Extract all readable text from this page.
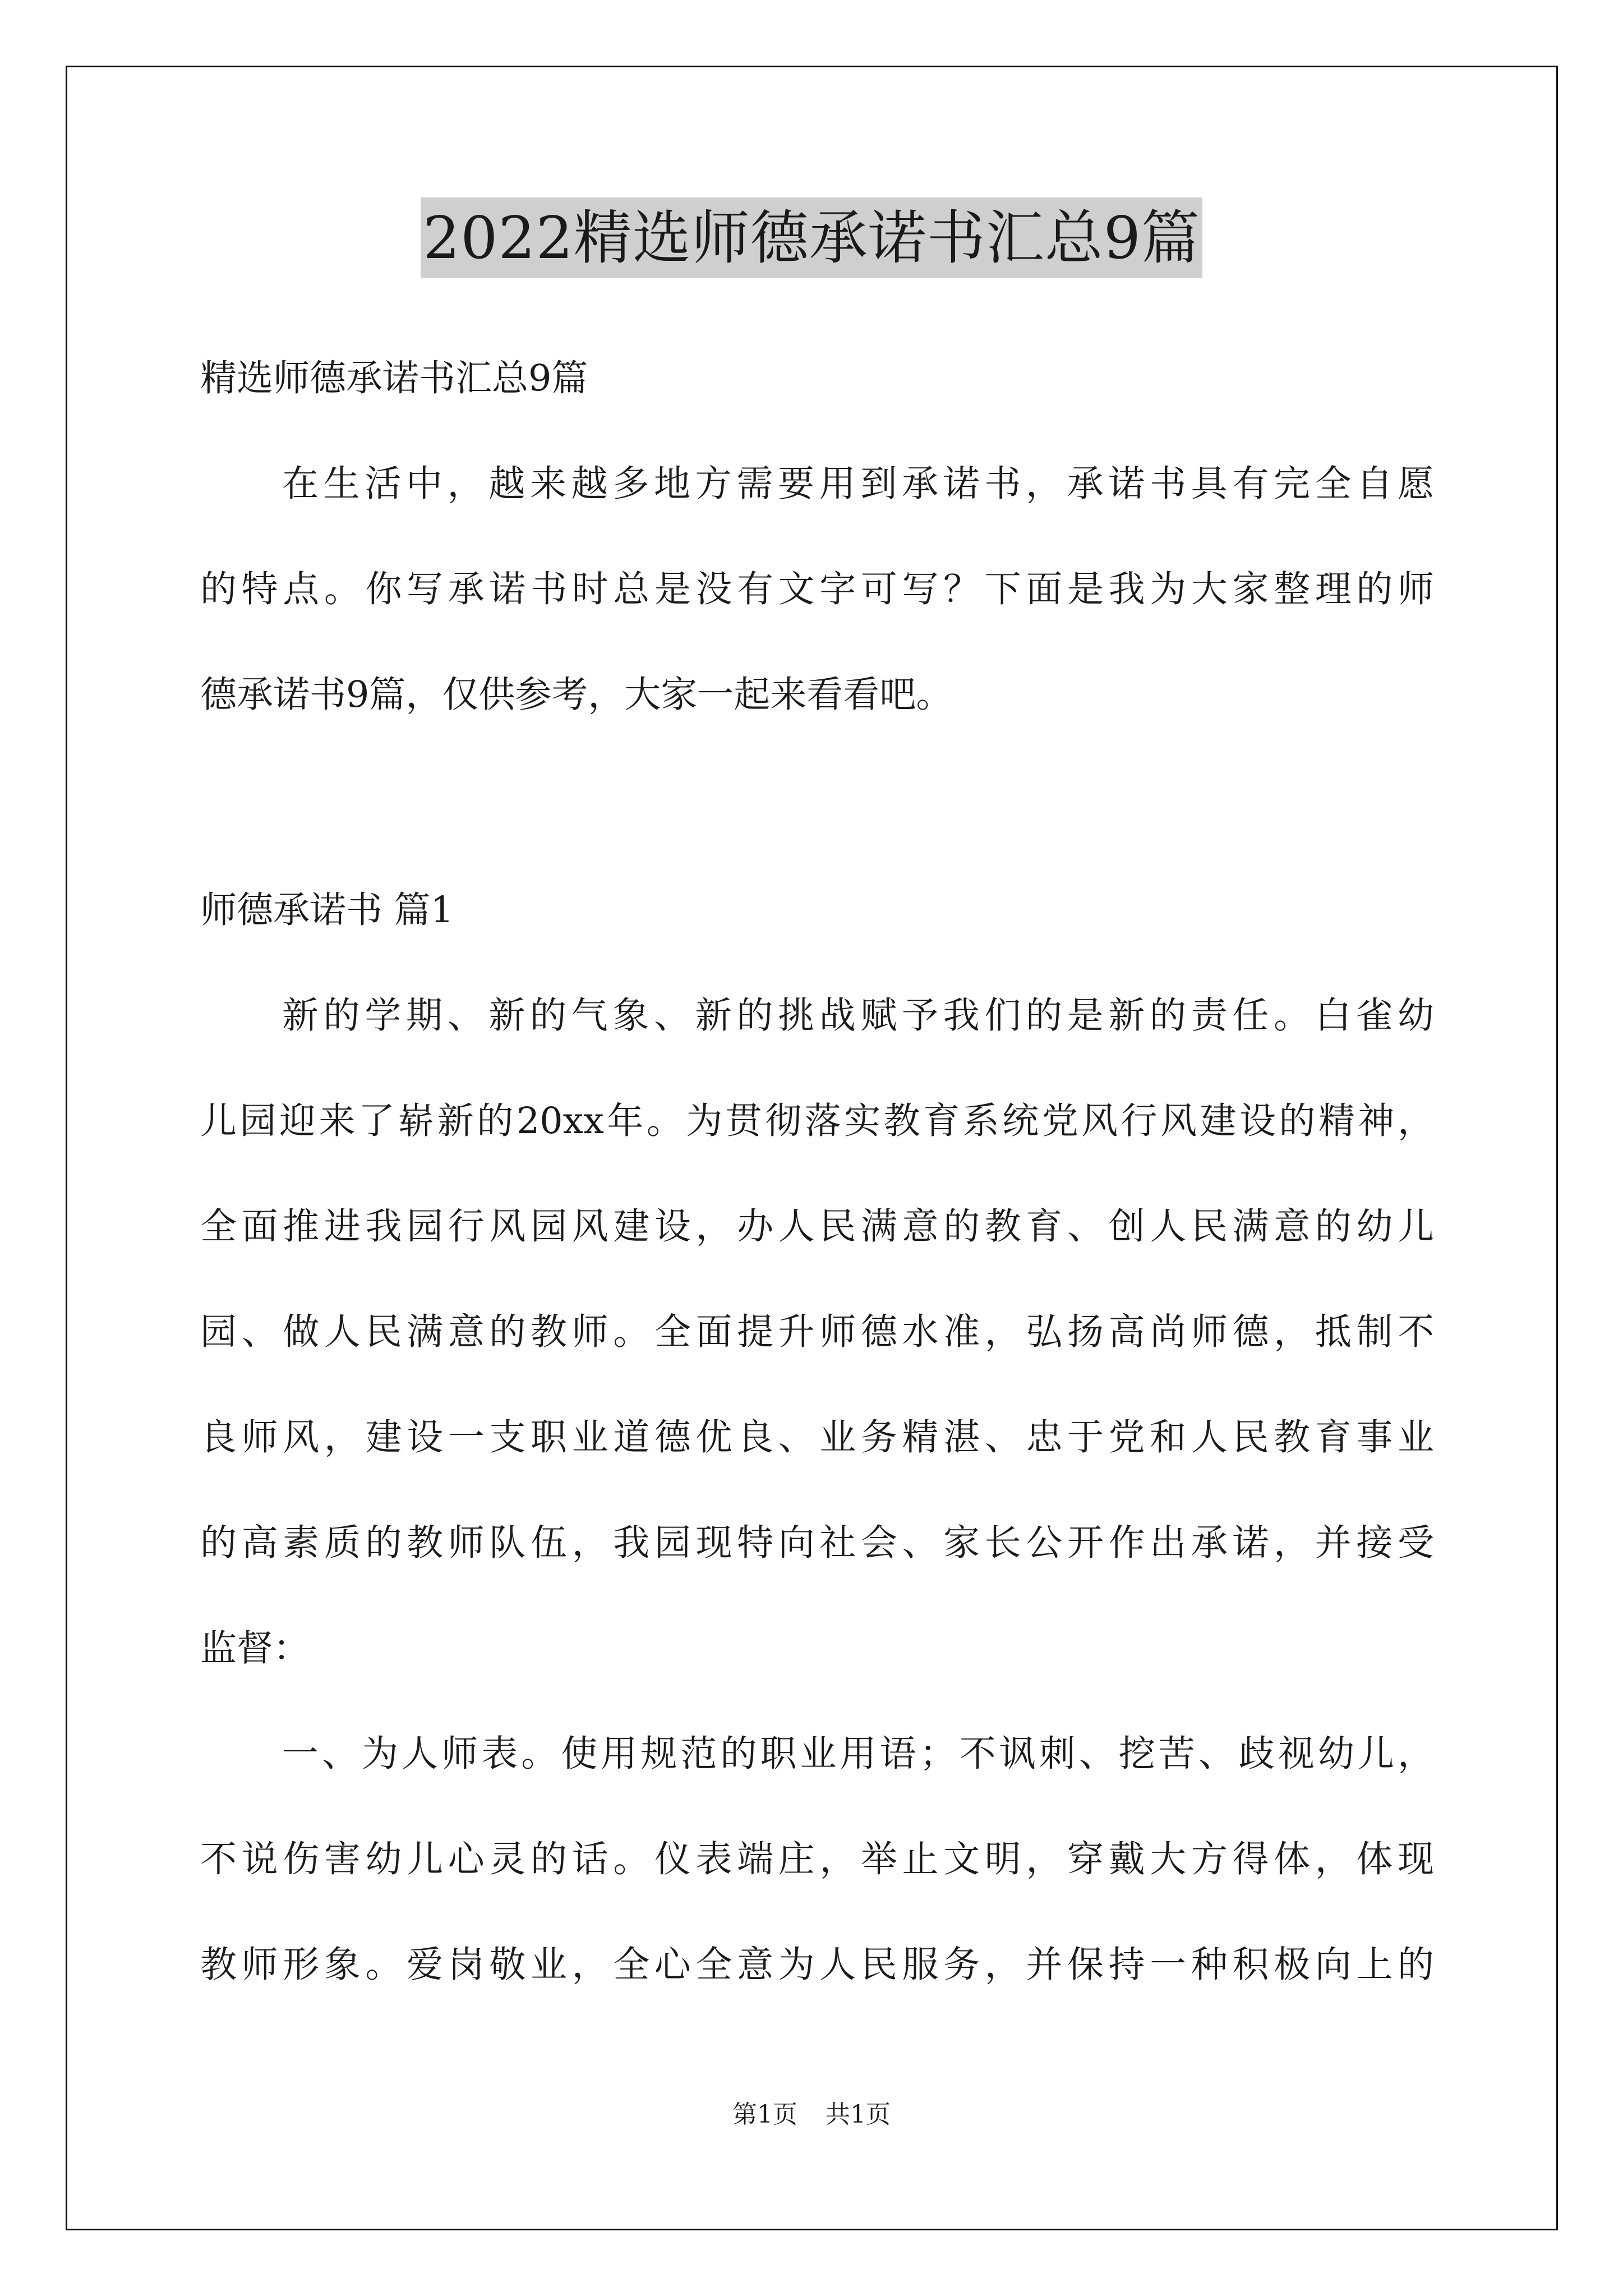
2022精选师德承诺书汇总9篇
精选师德承诺书汇总9篇
在生活中，越来越多地方需要用到承诺书，承诺书具有完全自愿
的特点。你写承诺书时总是没有文字可写？下面是我为大家整理的师
德承诺书9篇，仅供参考，大家一起来看看吧。
师德承诺书 篇1
新的学期、新的气象、新的挑战赋予我们的是新的责任。白雀幼
儿园迎来了崭新的20xx年。为贯彻落实教育系统党风行风建设的精神，
全面推进我园行风园风建设，办人民满意的教育、创人民满意的幼儿
园、做人民满意的教师。全面提升师德水准，弘扬高尚师德，抵制不
良师风，建设一支职业道德优良、业务精湛、忠于党和人民教育事业
的高素质的教师队伍，我园现特向社会、家长公开作出承诺，并接受
监督：
一、为人师表。使用规范的职业用语；不讽刺、挖苦、歧视幼儿，
不说伤害幼儿心灵的话。仪表端庄，举止文明，穿戴大方得体，体现
教师形象。爱岗敬业，全心全意为人民服务，并保持一种积极向上的
第1页 共1页
